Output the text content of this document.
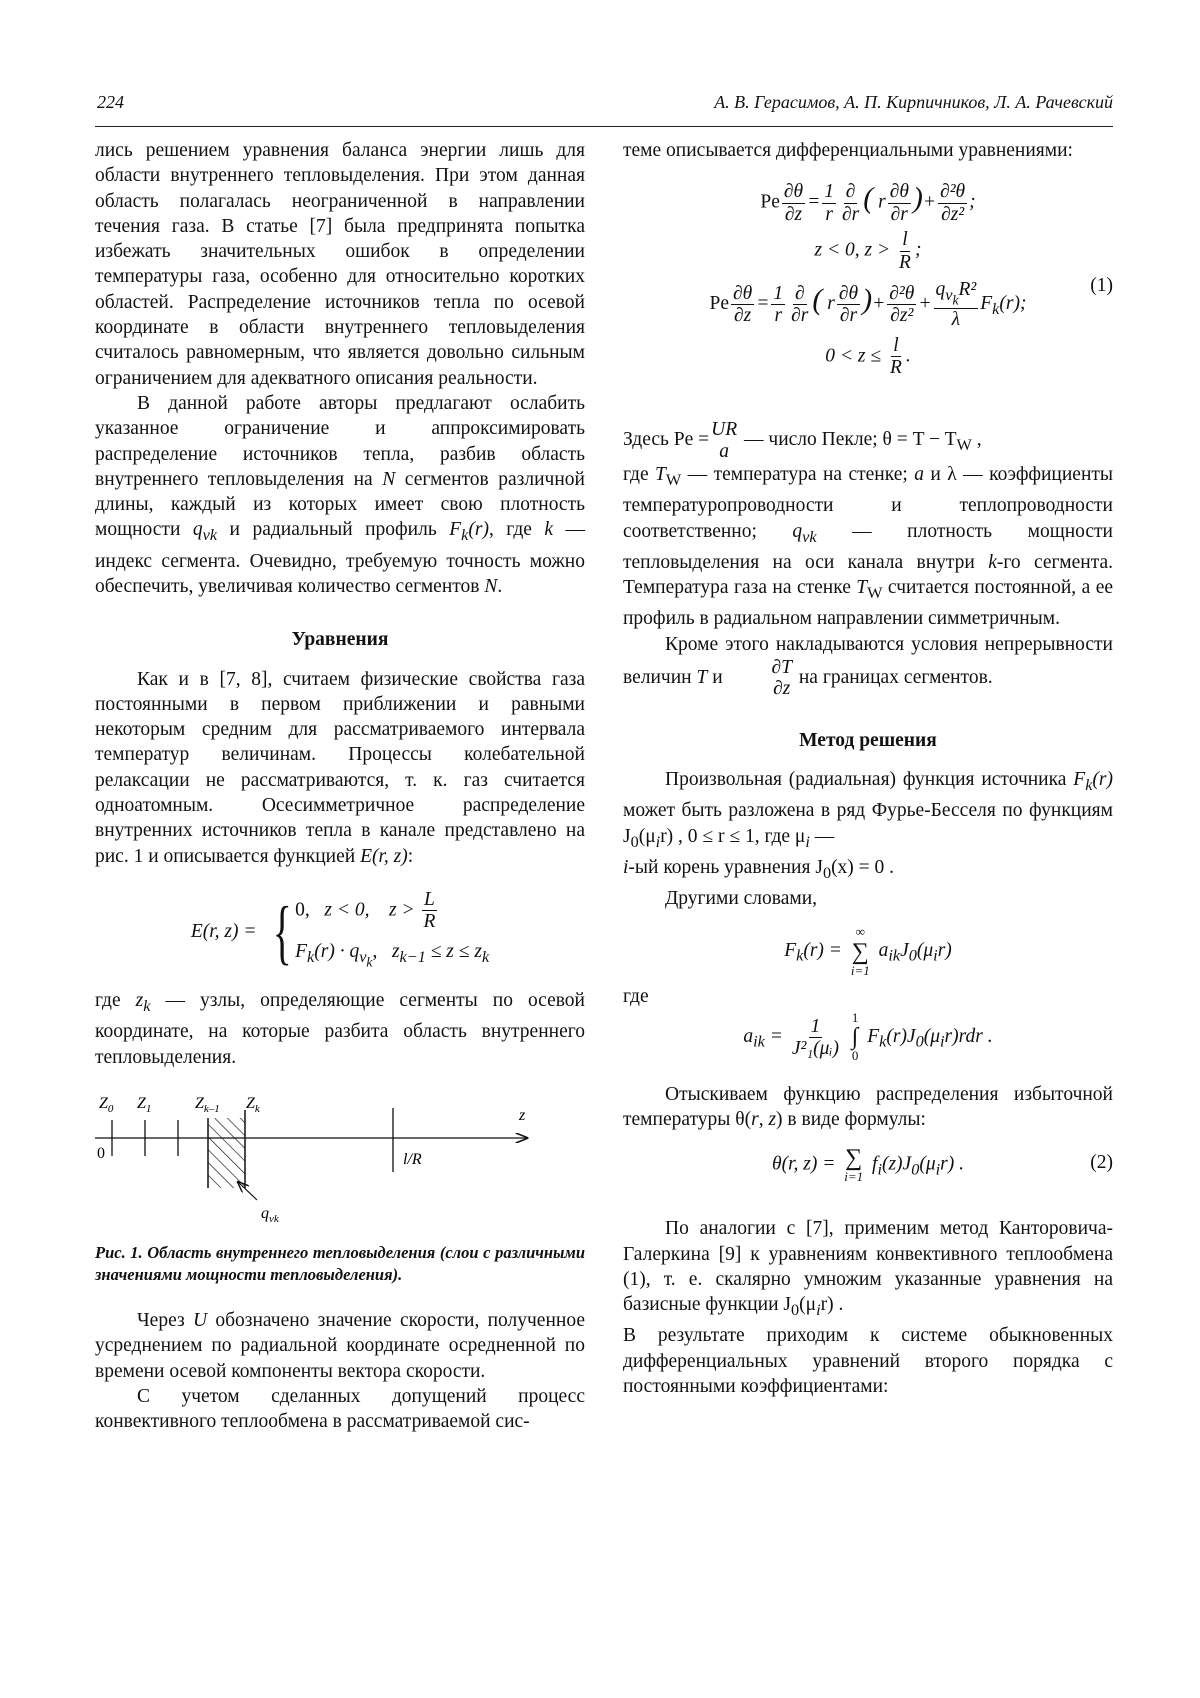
224	А. В. Герасимов, А. П. Кирпичников, Л. А. Рачевский

лись решением уравнения баланса энергии лишь для области внутреннего тепловыделения. При этом данная область полагалась неограниченной в направлении течения газа. В статье [7] была предпринята попытка избежать значительных ошибок в определении температуры газа, особенно для относительно коротких областей. Распределение источников тепла по осевой координате в области внутреннего тепловыделения считалось равномерным, что является довольно сильным ограничением для адекватного описания реальности.

В данной работе авторы предлагают ослабить указанное ограничение и аппроксимировать распределение источников тепла, разбив область внутреннего тепловыделения на N сегментов различной длины, каждый из которых имеет свою плотность мощности $q_{vk}$ и радиальный профиль $F_k(r)$, где k — индекс сегмента. Очевидно, требуемую точность можно обеспечить, увеличивая количество сегментов N.

Уравнения

Как и в [7, 8], считаем физические свойства газа постоянными в первом приближении и равными некоторым средним для рассматриваемого интервала температур величинам. Процессы колебательной релаксации не рассматриваются, т. к. газ считается одноатомным. Осесимметричное распределение внутренних источников тепла в канале представлено на рис. 1 и описывается функцией E(r, z):

E(r, z) = { 0, z < 0, $z > \frac{L}{R}$
$F_k(r) \cdot q_{v_k}$, $z_{k-1} \le z \le z_k$

где $z_k$ — узлы, определяющие сегменты по осевой координате, на которые разбита область внутреннего тепловыделения.

$Z_0$ $Z_1$	$Z_{k-1}$ $Z_k$
0
z
l/R
$q_{vk}$

Рис. 1. Область внутреннего тепловыделения (слои с различными значениями мощности тепловыделения).

Через U обозначено значение скорости, полученное усреднением по радиальной координате осредненной по времени осевой компоненты вектора скорости.

С учетом сделанных допущений процесс конвективного теплообмена в рассматриваемой сис-

теме описывается дифференциальными уравнениями:

Pe $\frac{\partial\theta}{\partial z} = \frac{1}{r} \frac{\partial}{\partial r}$ ( r $\frac{\partial\theta}{\partial r}$ )+ $\frac{\text{∂²θ}}{\text{∂z²}}$ ;
z < 0, $z > \frac{l}{R}$ ;
Pe $\frac{\partial\theta}{\partial z} = \frac{1}{r} \frac{\partial}{\partial r}$ ( r $\frac{\partial\theta}{\partial r}$ )+ $\frac{\text{∂²θ}}{\text{∂z²}} + \frac{q_{v_k}R^2}{\lambda} F_k(r)$;
$0 < z \le \frac{l}{R}$ .
(1)

Здесь Pe = UR
a
— число Пекле; $\theta = T - T_W$ ,

где $T_W$ — температура на стенке; a и λ — коэффициенты температуропроводности и теплопроводности соответственно; $q_{vk}$ — плотность мощности тепловыделения на оси канала внутри k-го сегмента. Температура газа на стенке $T_W$ считается постоянной, а ее профиль в радиальном направлении симметричным.

Кроме этого накладываются условия непрерывности величин T и	∂T
∂z
на границах сегментов.

Метод решения

Произвольная (радиальная) функция источника $F_k(r)$ может быть разложена в ряд Фурье-Бесселя по функциям $J_0(\mu_ir)$ , 0 ≤ r ≤ 1, где $\mu_i$ —
i-ый корень уравнения $J_0(x) = 0$ .

Другими словами,

$F_k(r)$ =
∞
∑
i=1
$a_{ik}J_0(\mu_ir)$

где

$a_{ik} = \frac{1}{\text{J²₁(μᵢ)}}$
1
∫
0
$F_k(r)J_0(\mu_ir)rdr$ .

Отыскиваем функцию распределения избыточной температуры θ(r, z) в виде формулы:

θ(r, z) = ∑
i=1
$f_i(z)J_0(\mu_ir)$ .	(2)

По аналогии с [7], применим метод Канторовича-Галеркина [9] к уравнениям конвективного теплообмена (1), т. е. скалярно умножим указанные уравнения на базисные функции $J_0(\mu_ir)$ .

В результате приходим к системе обыкновенных дифференциальных уравнений второго порядка с постоянными коэффициентами:
